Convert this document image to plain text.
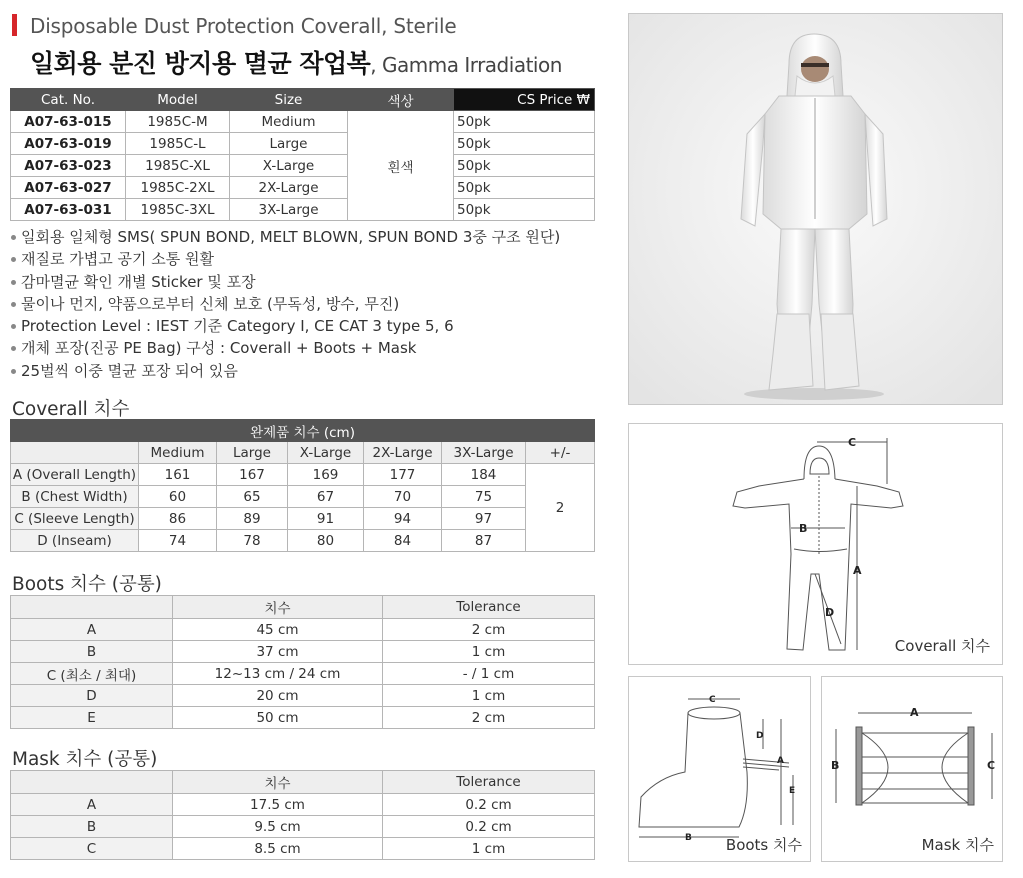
Disposable Dust Protection Coverall, Sterile
일회용 분진 방지용 멸균 작업복, Gamma Irradiation
Cat. No.	Model	Size	색상	CS Price ₩
A07-63-015	1985C-M	Medium	흰색	50pk
A07-63-019	1985C-L	Large		50pk
A07-63-023	1985C-XL	X-Large		50pk
A07-63-027	1985C-2XL	2X-Large		50pk
A07-63-031	1985C-3XL	3X-Large		50pk
일회용 일체형 SMS( SPUN BOND, MELT BLOWN, SPUN BOND 3중 구조 원단)
재질로 가볍고 공기 소통 원활
감마멸균 확인 개별 Sticker 및 포장
물이나 먼지, 약품으로부터 신체 보호 (무독성, 방수, 무진)
Protection Level : IEST 기준 Category I, CE CAT 3 type 5, 6
개체 포장(진공 PE Bag) 구성 : Coverall + Boots + Mask
25벌씩 이중 멸균 포장 되어 있음
Coverall 치수
완제품 치수 (cm)						
	Medium	Large	X-Large	2X-Large	3X-Large	+/-
A (Overall Length)	161	167	169	177	184	2
B (Chest Width)	60	65	67	70	75	
C (Sleeve Length)	86	89	91	94	97	
D (Inseam)	74	78	80	84	87	
Boots 치수 (공통)
	치수	Tolerance
A	45 cm	2 cm
B	37 cm	1 cm
C (최소 / 최대)	12~13 cm / 24 cm	- / 1 cm
D	20 cm	1 cm
E	50 cm	2 cm
Mask 치수 (공통)
	치수	Tolerance
A	17.5 cm	0.2 cm
B	9.5 cm	0.2 cm
C	8.5 cm	1 cm
C
B
A
D
Coverall 치수
C
B
D
A
E
Boots 치수
A
B	C
Mask 치수
